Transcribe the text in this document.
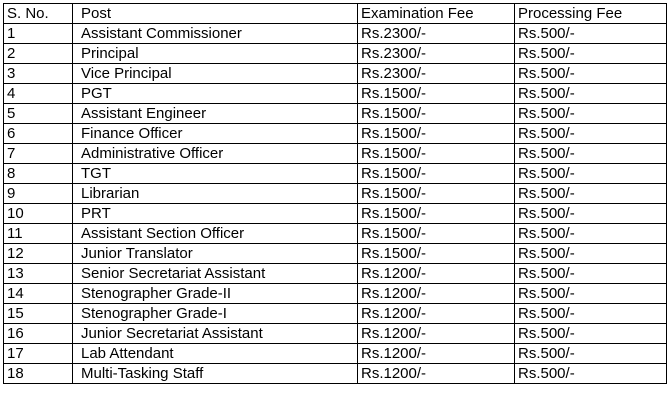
S. No.	Post	Examination Fee	Processing Fee
1	Assistant Commissioner	Rs.2300/-	Rs.500/-
2	Principal	Rs.2300/-	Rs.500/-
3	Vice Principal	Rs.2300/-	Rs.500/-
4	PGT	Rs.1500/-	Rs.500/-
5	Assistant Engineer	Rs.1500/-	Rs.500/-
6	Finance Officer	Rs.1500/-	Rs.500/-
7	Administrative Officer	Rs.1500/-	Rs.500/-
8	TGT	Rs.1500/-	Rs.500/-
9	Librarian	Rs.1500/-	Rs.500/-
10	PRT	Rs.1500/-	Rs.500/-
11	Assistant Section Officer	Rs.1500/-	Rs.500/-
12	Junior Translator	Rs.1500/-	Rs.500/-
13	Senior Secretariat Assistant	Rs.1200/-	Rs.500/-
14	Stenographer Grade-II	Rs.1200/-	Rs.500/-
15	Stenographer Grade-I	Rs.1200/-	Rs.500/-
16	Junior Secretariat Assistant	Rs.1200/-	Rs.500/-
17	Lab Attendant	Rs.1200/-	Rs.500/-
18	Multi-Tasking Staff	Rs.1200/-	Rs.500/-
